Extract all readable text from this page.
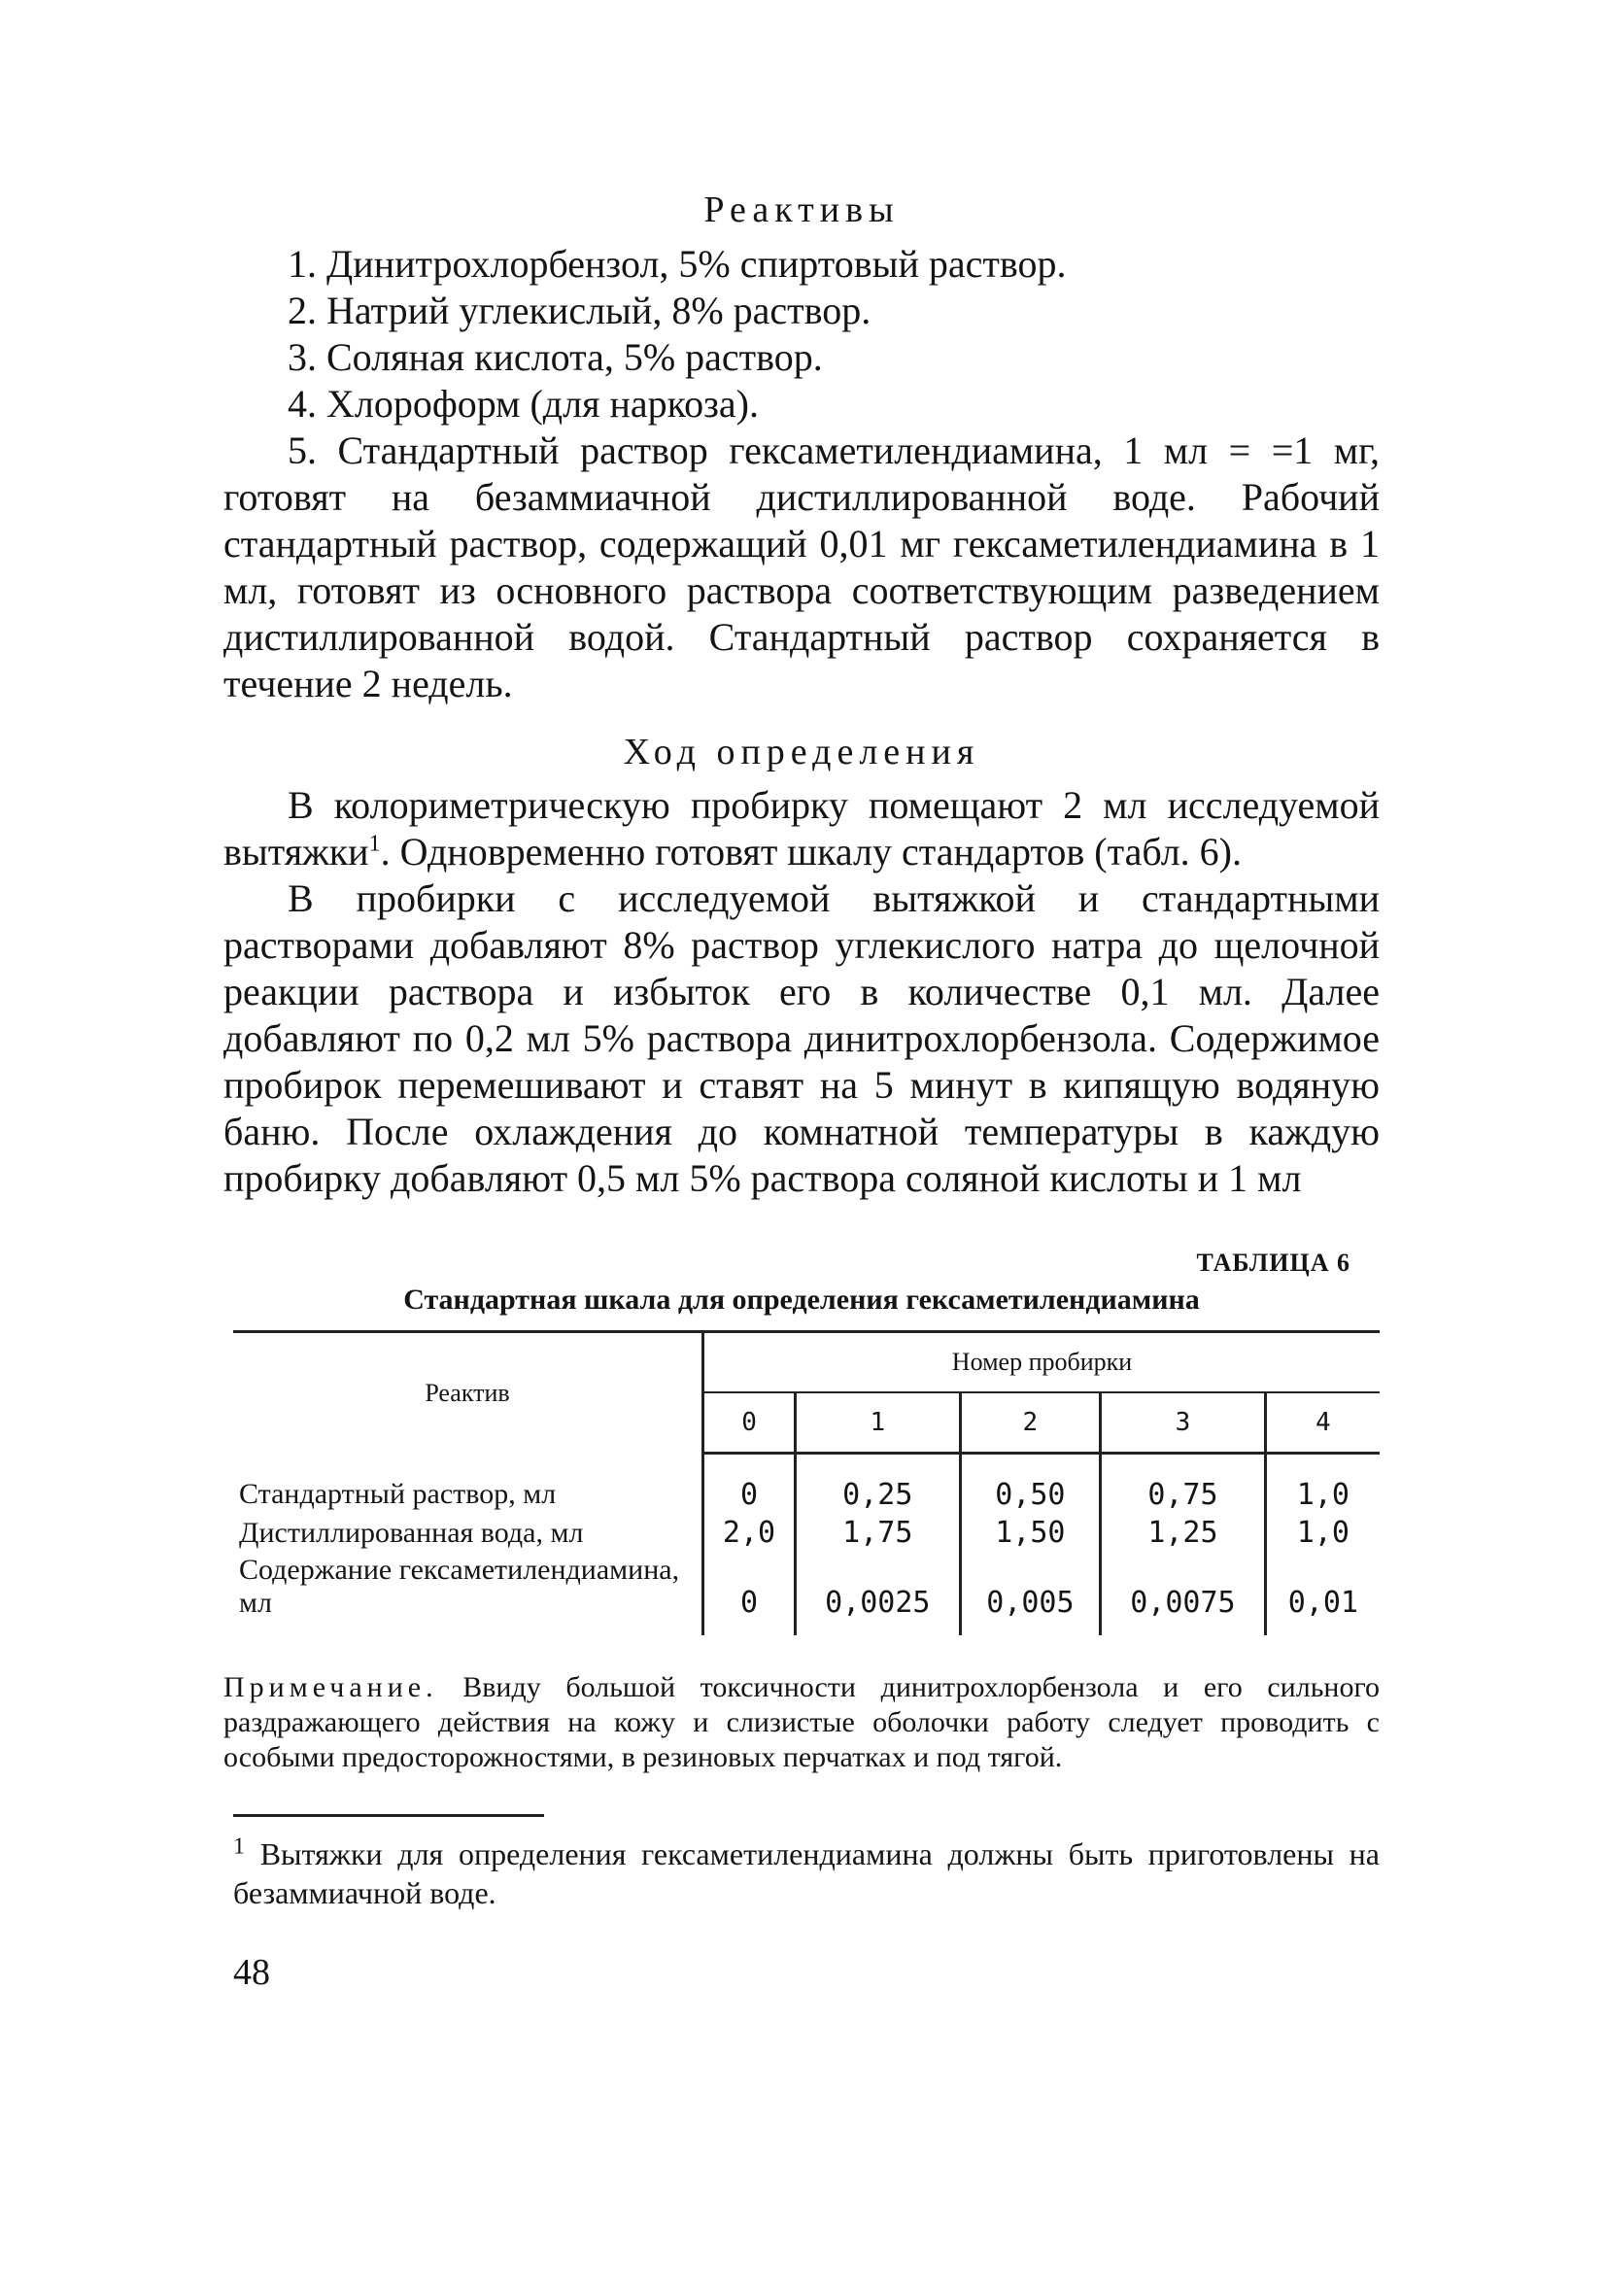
Реактивы
1. Динитрохлорбензол, 5% спиртовый раствор.
2. Натрий углекислый, 8% раствор.
3. Соляная кислота, 5% раствор.
4. Хлороформ (для наркоза).
5. Стандартный раствор гексаметилендиамина, 1 мл = =1 мг, готовят на безаммиачной дистиллированной воде. Рабочий стандартный раствор, содержащий 0,01 мг гексаметилендиамина в 1 мл, готовят из основного раствора соответствующим разведением дистиллированной водой. Стандартный раствор сохраняется в течение 2 недель.
Ход определения

В колориметрическую пробирку помещают 2 мл исследуемой вытяжки$^1$. Одновременно готовят шкалу стандартов (табл. 6).

В пробирки с исследуемой вытяжкой и стандартными растворами добавляют 8% раствор углекислого натра до щелочной реакции раствора и избыток его в количестве 0,1 мл. Далее добавляют по 0,2 мл 5% раствора динитрохлорбензола. Содержимое пробирок перемешивают и ставят на 5 минут в кипящую водяную баню. После охлаждения до комнатной температуры в каждую пробирку добавляют 0,5 мл 5% раствора соляной кислоты и 1 мл

ТАБЛИЦА 6
Стандартная шкала для определения гексаметилендиамина
Реактив	Номер пробирки				
	0	1	2	3	4
Стандартный раствор, мл	0	0,25	0,50	0,75	1,0
Дистиллированная вода, мл	2,0	1,75	1,50	1,25	1,0
Содержание гексаметилендиамина, мл	0	0,0025	0,005	0,0075	0,01
Примечание. Ввиду большой токсичности динитрохлорбензола и его сильного раздражающего действия на кожу и слизистые оболочки работу следует проводить с особыми предосторожностями, в резиновых перчатках и под тягой.
$^1$ Вытяжки для определения гексаметилендиамина должны быть приготовлены на безаммиачной воде.
48
